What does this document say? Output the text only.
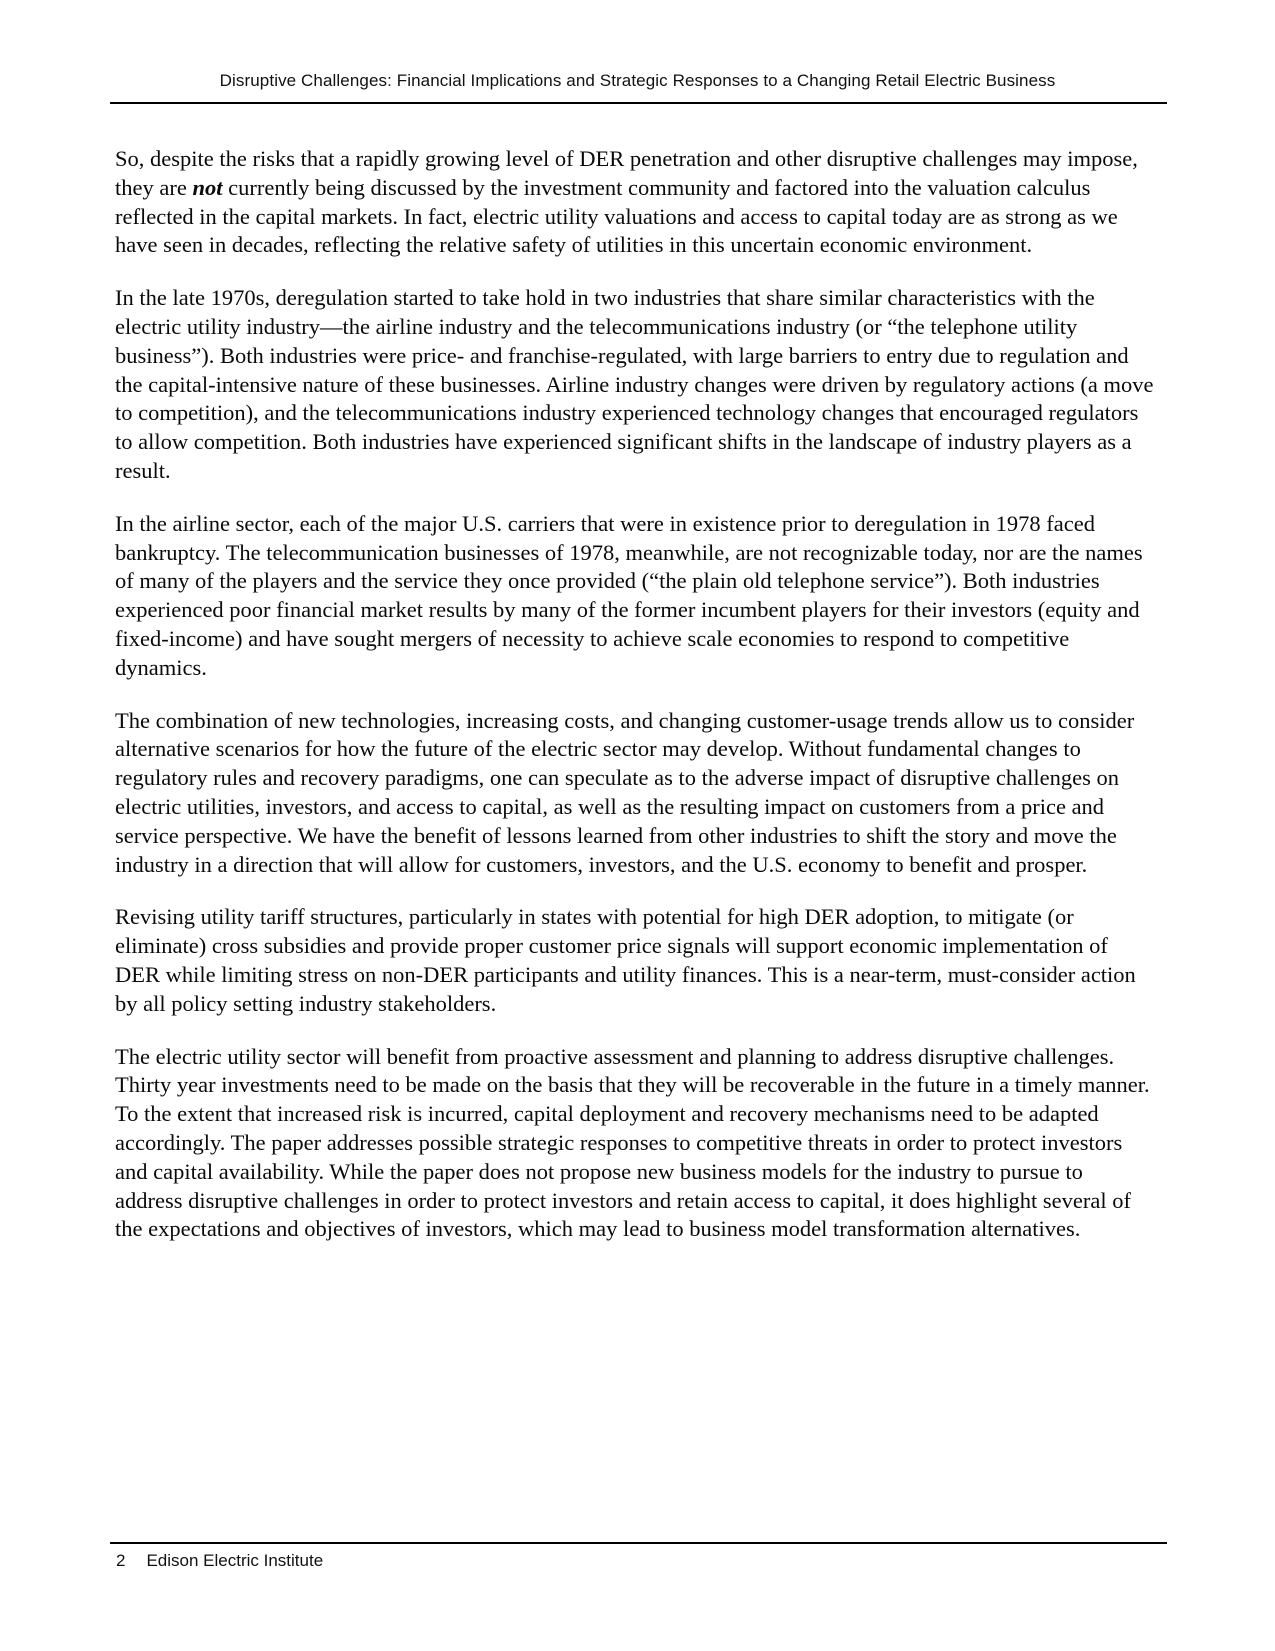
Disruptive Challenges: Financial Implications and Strategic Responses to a Changing Retail Electric Business

So, despite the risks that a rapidly growing level of DER penetration and other disruptive challenges may impose, they are not currently being discussed by the investment community and factored into the valuation calculus reflected in the capital markets. In fact, electric utility valuations and access to capital today are as strong as we have seen in decades, reflecting the relative safety of utilities in this uncertain economic environment.

In the late 1970s, deregulation started to take hold in two industries that share similar characteristics with the electric utility industry—the airline industry and the telecommunications industry (or “the telephone utility business”). Both industries were price- and franchise-regulated, with large barriers to entry due to regulation and the capital-intensive nature of these businesses. Airline industry changes were driven by regulatory actions (a move to competition), and the telecommunications industry experienced technology changes that encouraged regulators to allow competition. Both industries have experienced significant shifts in the landscape of industry players as a result.

In the airline sector, each of the major U.S. carriers that were in existence prior to deregulation in 1978 faced bankruptcy. The telecommunication businesses of 1978, meanwhile, are not recognizable today, nor are the names of many of the players and the service they once provided (“the plain old telephone service”). Both industries experienced poor financial market results by many of the former incumbent players for their investors (equity and fixed-income) and have sought mergers of necessity to achieve scale economies to respond to competitive dynamics.

The combination of new technologies, increasing costs, and changing customer-usage trends allow us to consider alternative scenarios for how the future of the electric sector may develop. Without fundamental changes to regulatory rules and recovery paradigms, one can speculate as to the adverse impact of disruptive challenges on electric utilities, investors, and access to capital, as well as the resulting impact on customers from a price and service perspective. We have the benefit of lessons learned from other industries to shift the story and move the industry in a direction that will allow for customers, investors, and the U.S. economy to benefit and prosper.

Revising utility tariff structures, particularly in states with potential for high DER adoption, to mitigate (or eliminate) cross subsidies and provide proper customer price signals will support economic implementation of DER while limiting stress on non-DER participants and utility finances. This is a near-term, must-consider action by all policy setting industry stakeholders.

The electric utility sector will benefit from proactive assessment and planning to address disruptive challenges. Thirty year investments need to be made on the basis that they will be recoverable in the future in a timely manner. To the extent that increased risk is incurred, capital deployment and recovery mechanisms need to be adapted accordingly. The paper addresses possible strategic responses to competitive threats in order to protect investors and capital availability. While the paper does not propose new business models for the industry to pursue to address disruptive challenges in order to protect investors and retain access to capital, it does highlight several of the expectations and objectives of investors, which may lead to business model transformation alternatives.

2 Edison Electric Institute
